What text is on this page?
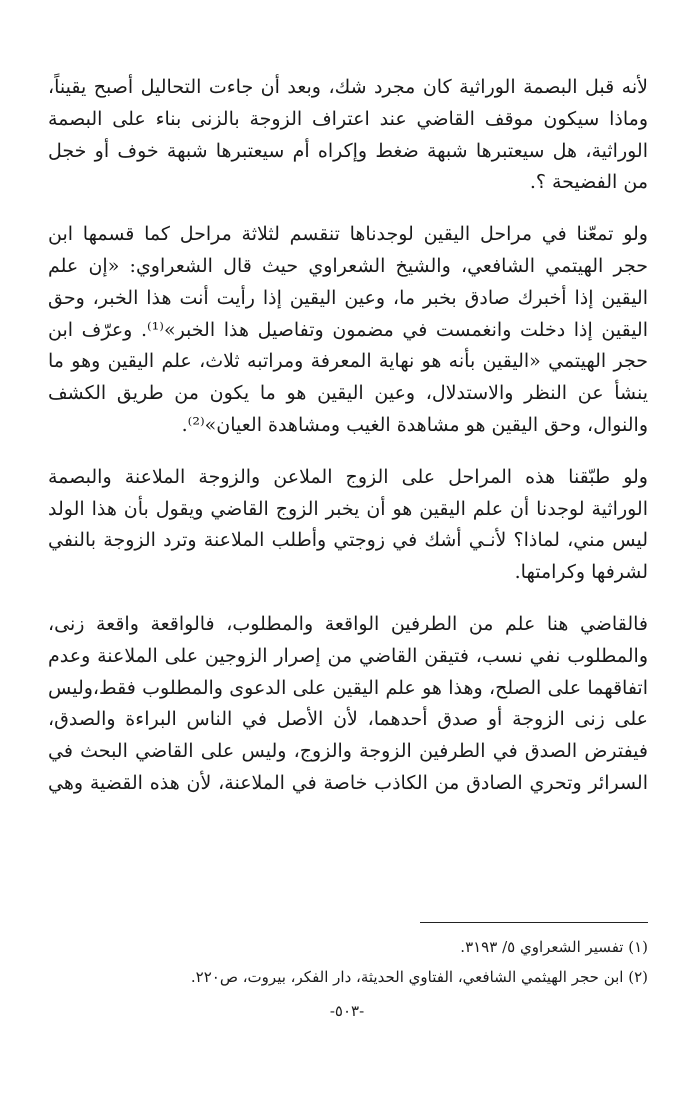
لأنه قبل البصمة الوراثية كان مجرد شك، وبعد أن جاءت التحاليل أصبح يقيناً،
وماذا سيكون موقف القاضي عند اعتراف الزوجة بالزنى بناء على البصمة
الوراثية، هل سيعتبرها شبهة ضغط وإكراه أم سيعتبرها شبهة خوف أو خجل
من الفضيحة ؟.
ولو تمعّنا في مراحل اليقين لوجدناها تنقسم لثلاثة مراحل كما قسمها ابن
حجر الهيتمي الشافعي، والشيخ الشعراوي حيث قال الشعراوي: «إن علم
اليقين إذا أخبرك صادق بخبر ما، وعين اليقين إذا رأيت أنت هذا الخبر، وحق
اليقين إذا دخلت وانغمست في مضمون وتفاصيل هذا الخبر»⁽¹⁾. وعرّف ابن
حجر الهيتمي «اليقين بأنه هو نهاية المعرفة ومراتبه ثلاث، علم اليقين وهو ما
ينشأ عن النظر والاستدلال، وعين اليقين هو ما يكون من طريق الكشف
والنوال، وحق اليقين هو مشاهدة الغيب ومشاهدة العيان»⁽²⁾.
ولو طبّقنا هذه المراحل على الزوج الملاعن والزوجة الملاعنة والبصمة
الوراثية لوجدنا أن علم اليقين هو أن يخبر الزوج القاضي ويقول بأن هذا الولد
ليس مني، لماذا؟ لأنـي أشك في زوجتي وأطلب الملاعنة وترد الزوجة بالنفي
لشرفها وكرامتها.
فالقاضي هنا علم من الطرفين الواقعة والمطلوب، فالواقعة واقعة زنى،
والمطلوب نفي نسب، فتيقن القاضي من إصرار الزوجين على الملاعنة وعدم
اتفاقهما على الصلح، وهذا هو علم اليقين على الدعوى والمطلوب فقط،وليس
على زنى الزوجة أو صدق أحدهما، لأن الأصل في الناس البراءة والصدق،
فيفترض الصدق في الطرفين الزوجة والزوج، وليس على القاضي البحث في
السرائر وتحري الصادق من الكاذب خاصة في الملاعنة، لأن هذه القضية وهي
(١) تفسير الشعراوي ٥/ ٣١٩٣.
(٢) ابن حجر الهيثمي الشافعي، الفتاوي الحديثة، دار الفكر، بيروت، ص٢٢٠.
-٥٠٣-
